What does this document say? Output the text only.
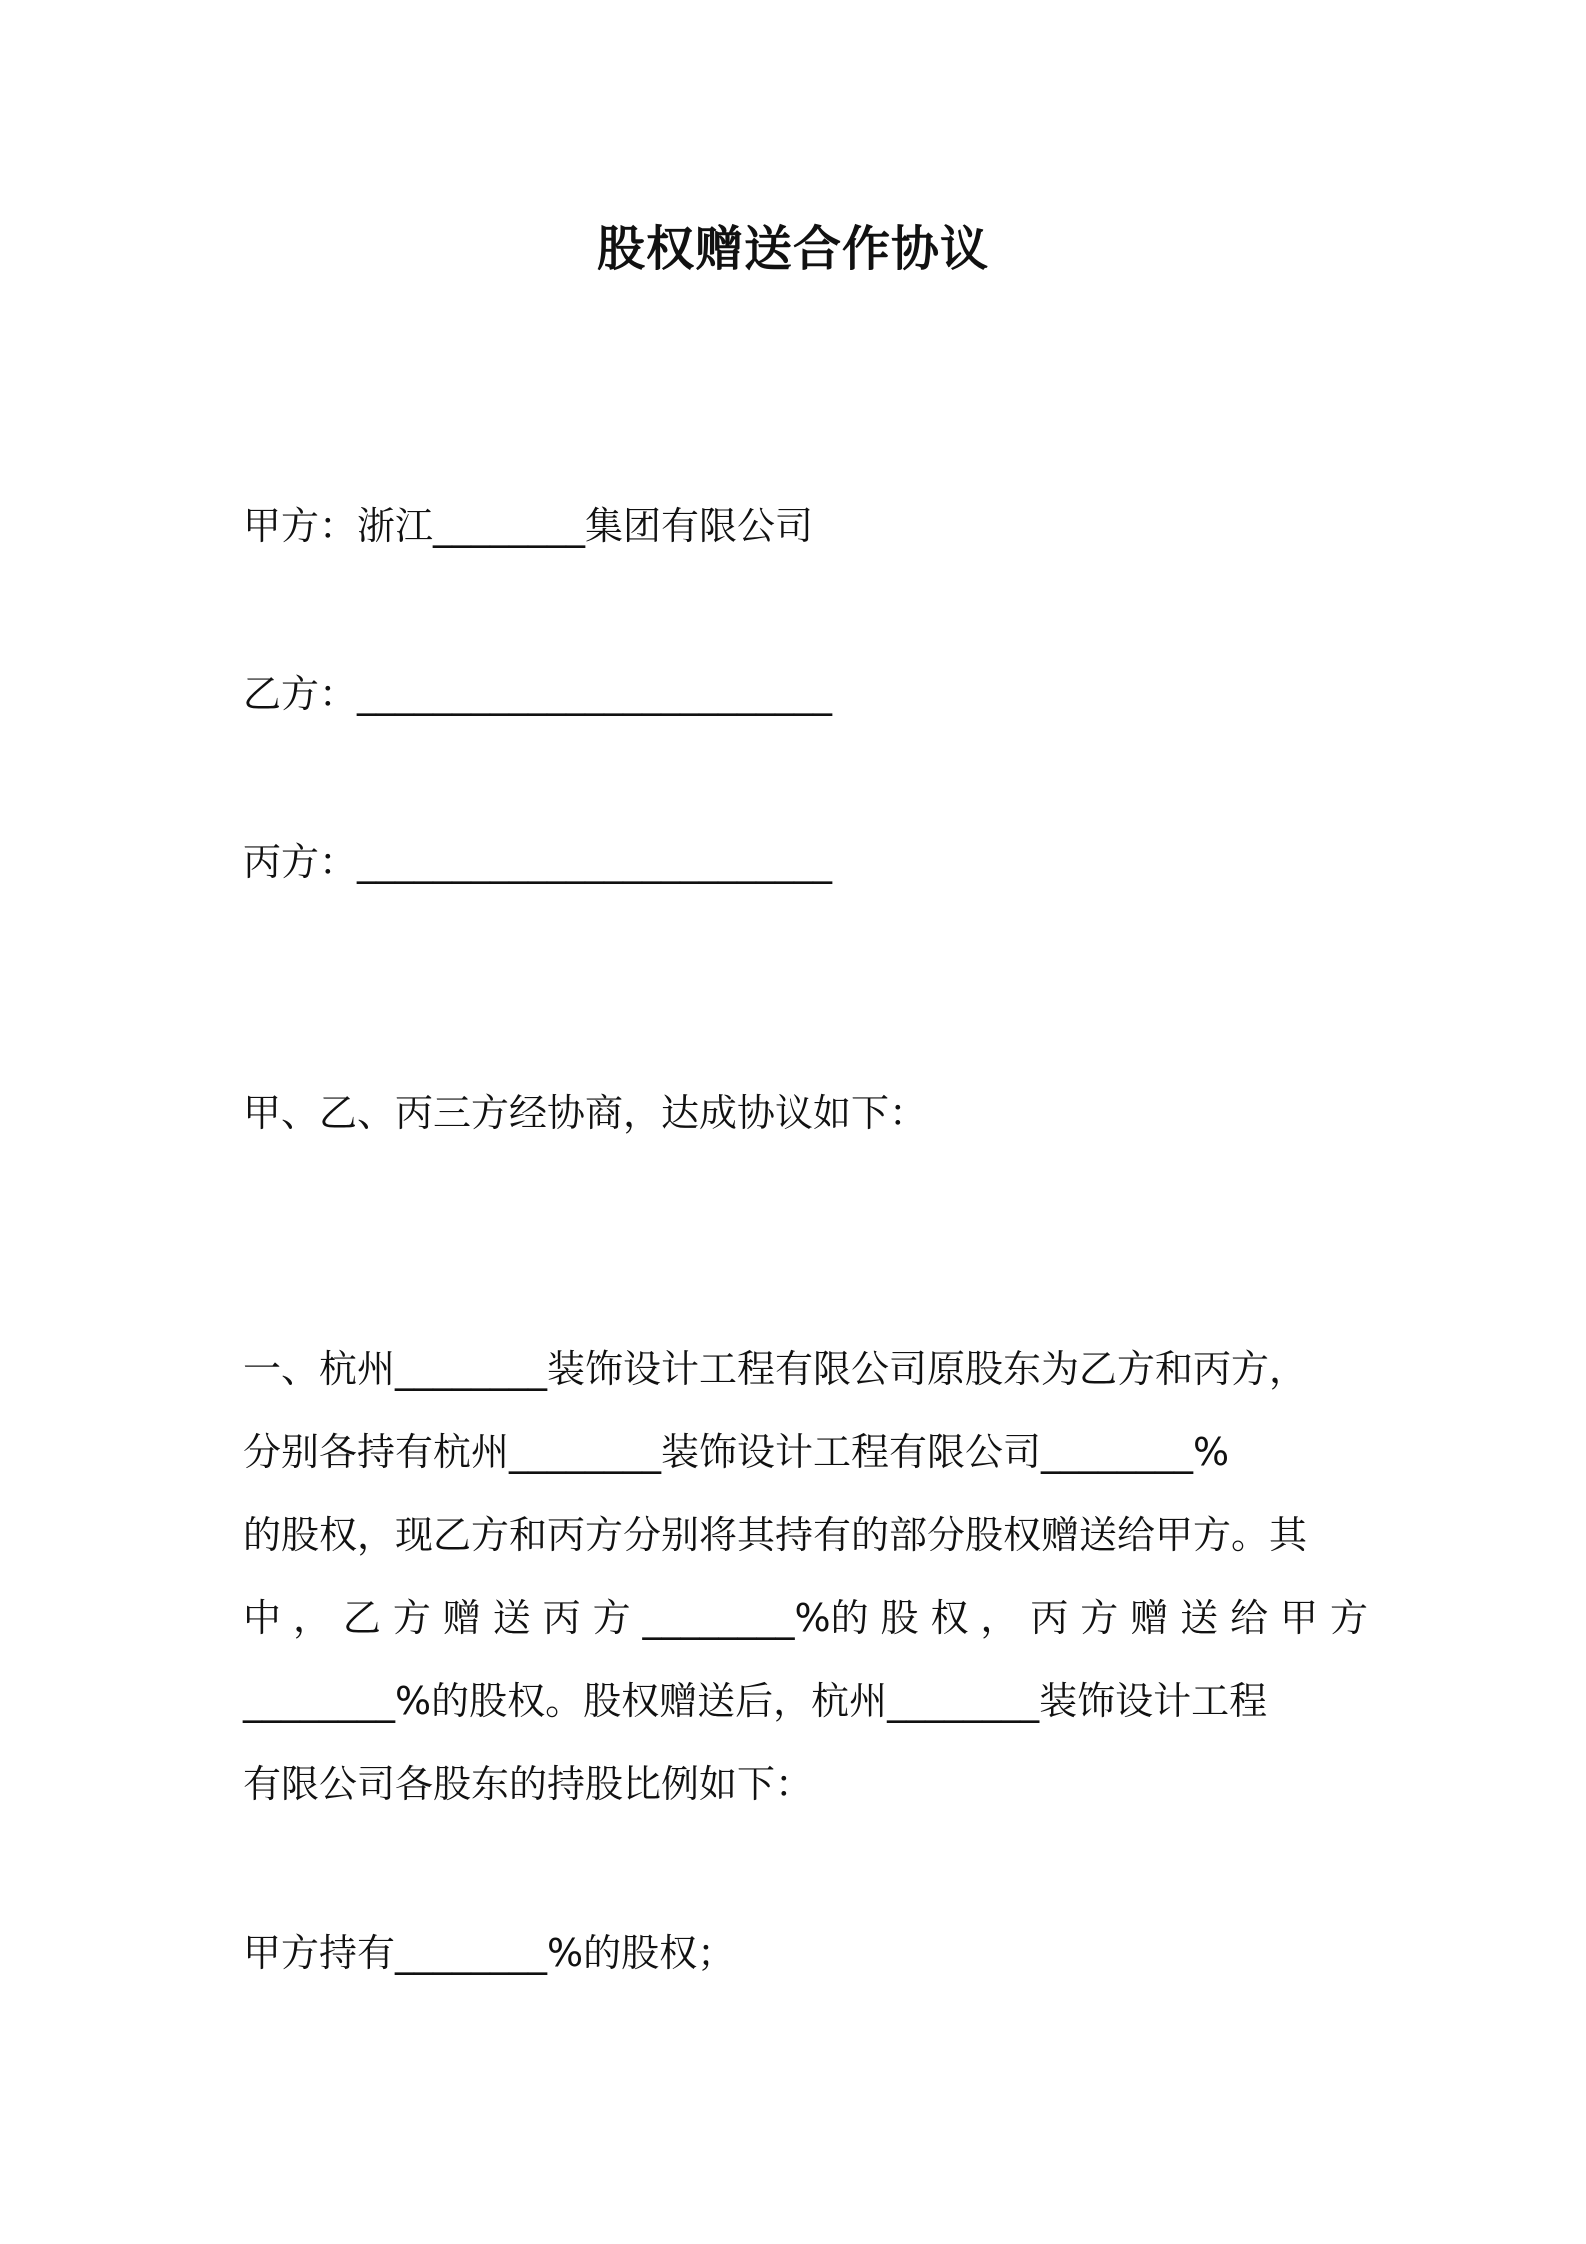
股权赠送合作协议
甲方：浙江________集团有限公司
乙方：_________________________
丙方：_________________________
甲、乙、丙三方经协商，达成协议如下：
一、杭州________装饰设计工程有限公司原股东为乙方和丙方，
分别各持有杭州________装饰设计工程有限公司________%
的股权，现乙方和丙方分别将其持有的部分股权赠送给甲方。其
中 ， 乙 方 赠 送 丙 方 ________%的 股 权 ， 丙 方 赠 送 给 甲 方
________%的股权。股权赠送后，杭州________装饰设计工程
有限公司各股东的持股比例如下：
甲方持有________%的股权；
